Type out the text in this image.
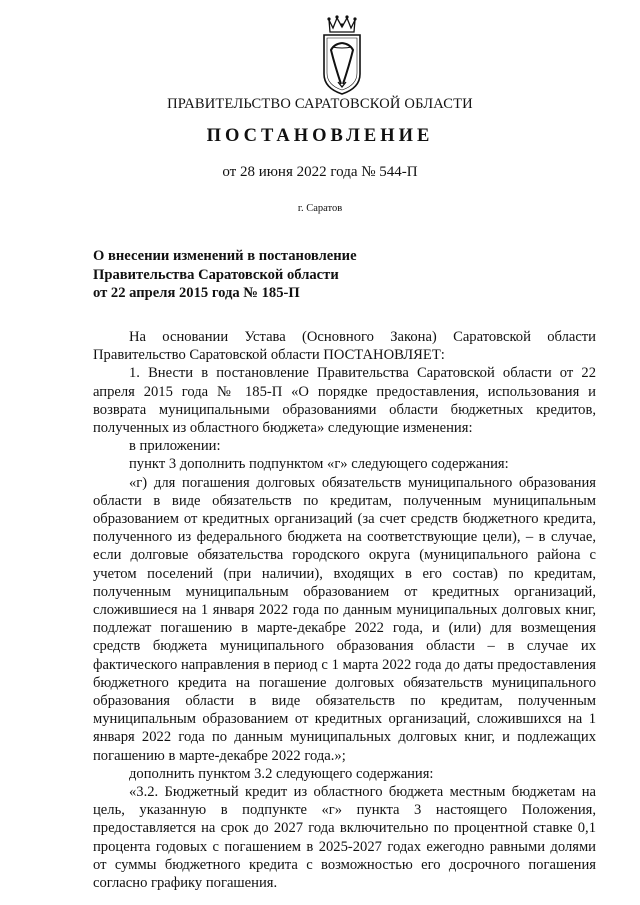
ПРАВИТЕЛЬСТВО САРАТОВСКОЙ ОБЛАСТИ
ПОСТАНОВЛЕНИЕ
от 28 июня 2022 года № 544-П
г. Саратов
О внесении изменений в постановление
Правительства Саратовской области
от 22 апреля 2015 года № 185-П

На основании Устава (Основного Закона) Саратовской области Правительство Саратовской области ПОСТАНОВЛЯЕТ:

1. Внести в постановление Правительства Саратовской области от 22 апреля 2015 года № 185-П «О порядке предоставления, использования и возврата муниципальными образованиями области бюджетных кредитов, полученных из областного бюджета» следующие изменения:

в приложении:

пункт 3 дополнить подпунктом «г» следующего содержания:

«г) для погашения долговых обязательств муниципального образования области в виде обязательств по кредитам, полученным муниципальным образованием от кредитных организаций (за счет средств бюджетного кредита, полученного из федерального бюджета на соответствующие цели), – в случае, если долговые обязательства городского округа (муниципального района с учетом поселений (при наличии), входящих в его состав) по кредитам, полученным муниципальным образованием от кредитных организаций, сложившиеся на 1 января 2022 года по данным муниципальных долговых книг, подлежат погашению в марте-декабре 2022 года, и (или) для возмещения средств бюджета муниципального образования области – в случае их фактического направления в период с 1 марта 2022 года до даты предоставления бюджетного кредита на погашение долговых обязательств муниципального образования области в виде обязательств по кредитам, полученным муниципальным образованием от кредитных организаций, сложившихся на 1 января 2022 года по данным муниципальных долговых книг, и подлежащих погашению в марте-декабре 2022 года.»;

дополнить пунктом 3.2 следующего содержания:

«3.2. Бюджетный кредит из областного бюджета местным бюджетам на цель, указанную в подпункте «г» пункта 3 настоящего Положения, предоставляется на срок до 2027 года включительно по процентной ставке 0,1 процента годовых с погашением в 2025-2027 годах ежегодно равными долями от суммы бюджетного кредита с возможностью его досрочного погашения согласно графику погашения.
